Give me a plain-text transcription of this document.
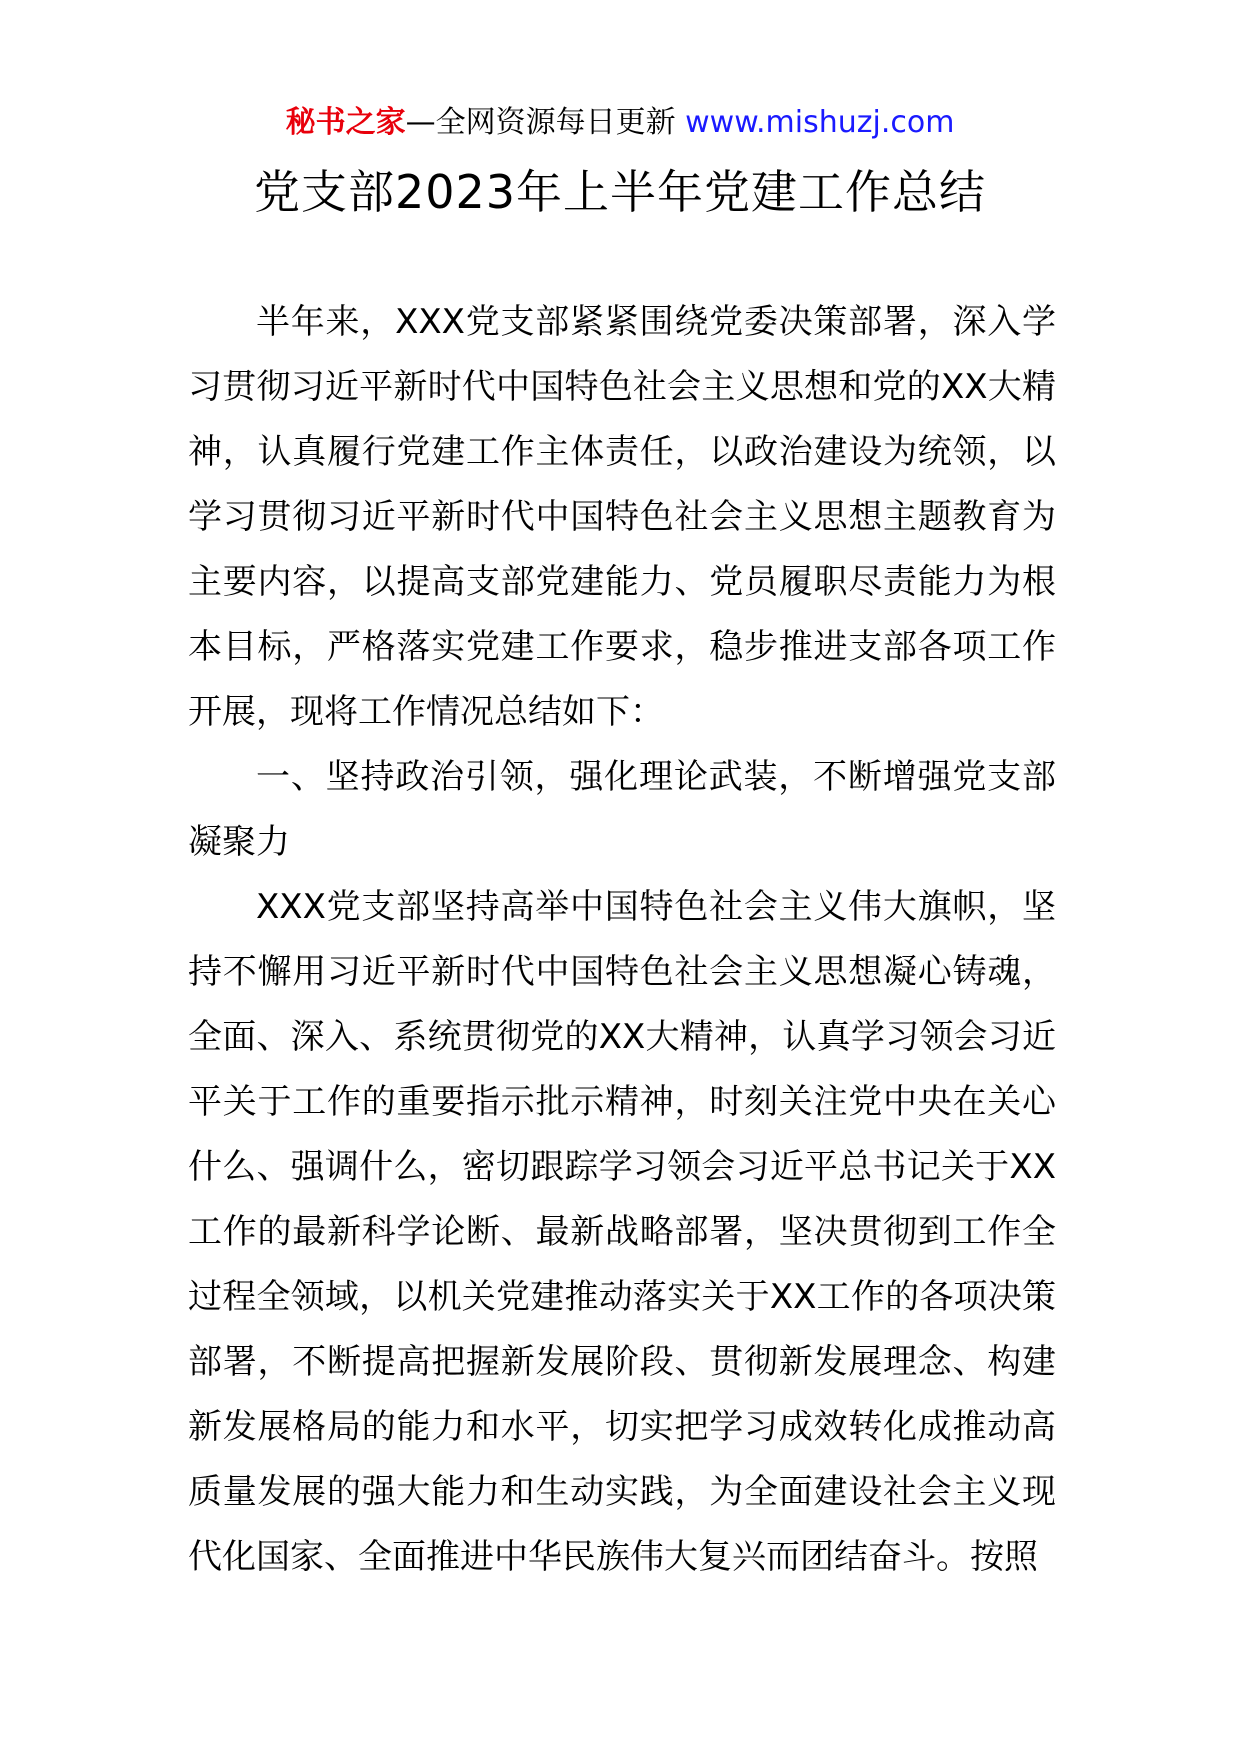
秘书之家—全网资源每日更新 www.mishuzj.com
党支部2023年上半年党建工作总结

半年来，XXX党支部紧紧围绕党委决策部署，深入学习贯彻习近平新时代中国特色社会主义思想和党的XX大精神，认真履行党建工作主体责任，以政治建设为统领，以学习贯彻习近平新时代中国特色社会主义思想主题教育为主要内容，以提高支部党建能力、党员履职尽责能力为根本目标，严格落实党建工作要求，稳步推进支部各项工作开展，现将工作情况总结如下：

一、坚持政治引领，强化理论武装，不断增强党支部凝聚力

XXX党支部坚持高举中国特色社会主义伟大旗帜，坚持不懈用习近平新时代中国特色社会主义思想凝心铸魂，全面、深入、系统贯彻党的XX大精神，认真学习领会习近平关于工作的重要指示批示精神，时刻关注党中央在关心什么、强调什么，密切跟踪学习领会习近平总书记关于XX工作的最新科学论断、最新战略部署，坚决贯彻到工作全过程全领域，以机关党建推动落实关于XX工作的各项决策部署，不断提高把握新发展阶段、贯彻新发展理念、构建新发展格局的能力和水平，切实把学习成效转化成推动高质量发展的强大能力和生动实践，为全面建设社会主义现代化国家、全面推进中华民族伟大复兴而团结奋斗。按照
